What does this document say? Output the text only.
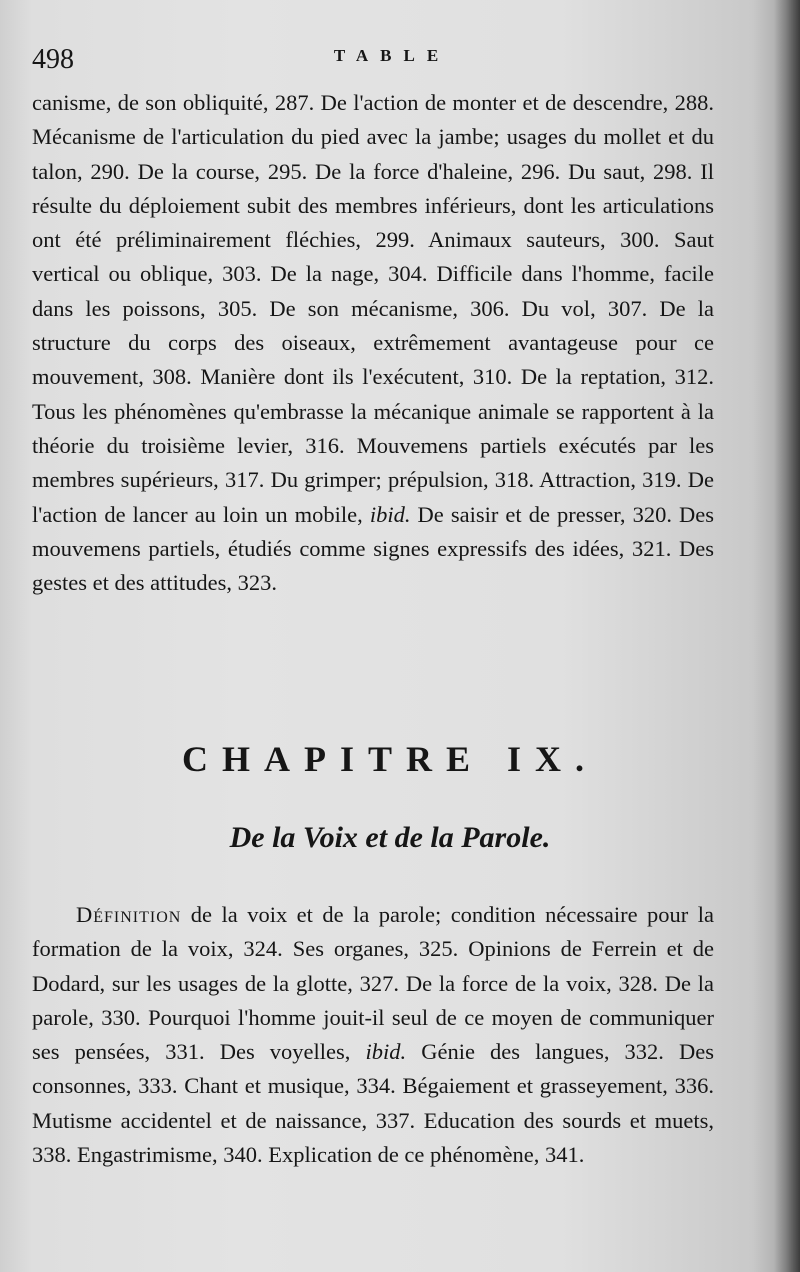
498	TABLE

canisme, de son obliquité, 287. De l'action de monter et de descendre, 288. Mécanisme de l'articulation du pied avec la jambe; usages du mollet et du talon, 290. De la course, 295. De la force d'haleine, 296. Du saut, 298. Il résulte du déploiement subit des membres inférieurs, dont les articulations ont été préliminairement fléchies, 299. Animaux sauteurs, 300. Saut vertical ou oblique, 303. De la nage, 304. Difficile dans l'homme, facile dans les poissons, 305. De son mécanisme, 306. Du vol, 307. De la structure du corps des oiseaux, extrêmement avantageuse pour ce mouvement, 308. Manière dont ils l'exécutent, 310. De la reptation, 312. Tous les phénomènes qu'embrasse la mécanique animale se rapportent à la théorie du troisième levier, 316. Mouvemens partiels exécutés par les membres supérieurs, 317. Du grimper; prépulsion, 318. Attraction, 319. De l'action de lancer au loin un mobile, ibid. De saisir et de presser, 320. Des mouvemens partiels, étudiés comme signes expressifs des idées, 321. Des gestes et des attitudes, 323.

CHAPITRE IX.
De la Voix et de la Parole.

Définition de la voix et de la parole; condition nécessaire pour la formation de la voix, 324. Ses organes, 325. Opinions de Ferrein et de Dodard, sur les usages de la glotte, 327. De la force de la voix, 328. De la parole, 330. Pourquoi l'homme jouit-il seul de ce moyen de communiquer ses pensées, 331. Des voyelles, ibid. Génie des langues, 332. Des consonnes, 333. Chant et musique, 334. Bégaiement et grasseyement, 336. Mutisme accidentel et de naissance, 337. Education des sourds et muets, 338. Engastrimisme, 340. Explication de ce phénomène, 341.
